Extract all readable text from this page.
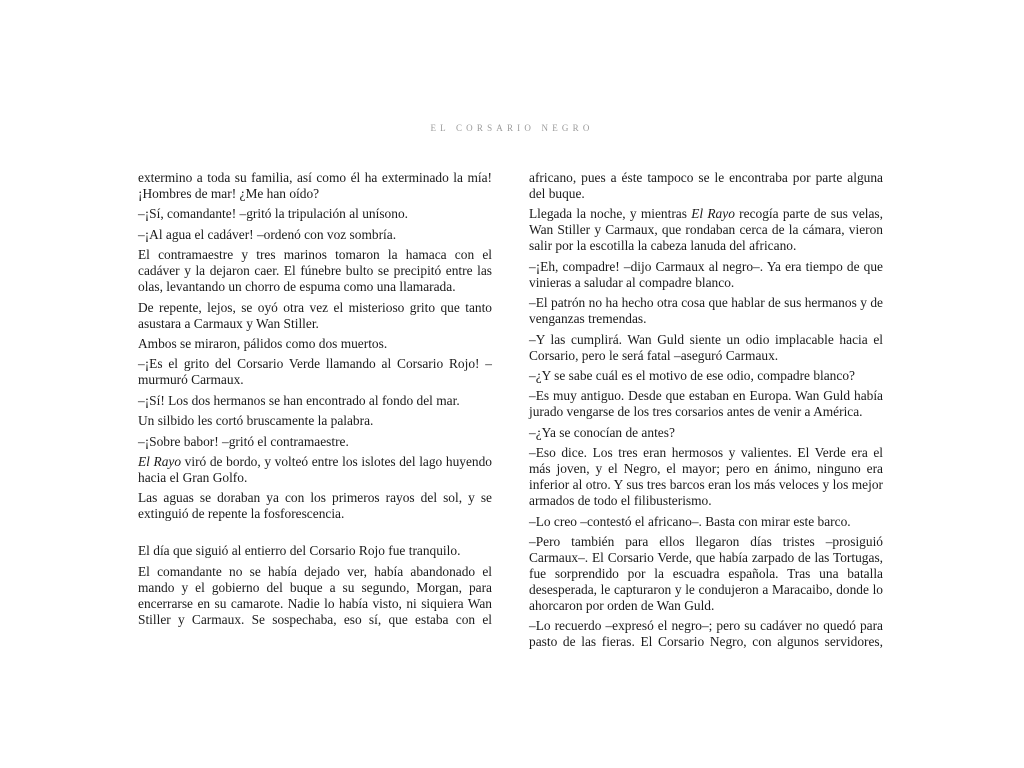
EL CORSARIO NEGRO

extermino a toda su familia, así como él ha exterminado la mía! ¡Hombres de mar! ¿Me han oído?

–¡Sí, comandante! –gritó la tripulación al unísono.

–¡Al agua el cadáver! –ordenó con voz sombría.

El contramaestre y tres marinos tomaron la hamaca con el cadáver y la dejaron caer. El fúnebre bulto se precipitó entre las olas, levantando un chorro de espuma como una llamarada.

De repente, lejos, se oyó otra vez el misterioso grito que tanto asustara a Carmaux y Wan Stiller.

Ambos se miraron, pálidos como dos muertos.

–¡Es el grito del Corsario Verde llamando al Corsario Rojo! –murmuró Carmaux.

–¡Sí! Los dos hermanos se han encontrado al fondo del mar.

Un silbido les cortó bruscamente la palabra.

–¡Sobre babor! –gritó el contramaestre.

El Rayo viró de bordo, y volteó entre los islotes del lago huyendo hacia el Gran Golfo.

Las aguas se doraban ya con los primeros rayos del sol, y se extinguió de repente la fosforescencia.

El día que siguió al entierro del Corsario Rojo fue tranquilo.

El comandante no se había dejado ver, había abandonado el mando y el gobierno del buque a su segundo, Morgan, para encerrarse en su camarote. Nadie lo había visto, ni siquiera Wan Stiller y Carmaux. Se sospechaba, eso sí, que estaba con el

africano, pues a éste tampoco se le encontraba por parte alguna del buque.

Llegada la noche, y mientras El Rayo recogía parte de sus velas, Wan Stiller y Carmaux, que rondaban cerca de la cámara, vieron salir por la escotilla la cabeza lanuda del africano.

–¡Eh, compadre! –dijo Carmaux al negro–. Ya era tiempo de que vinieras a saludar al compadre blanco.

–El patrón no ha hecho otra cosa que hablar de sus hermanos y de venganzas tremendas.

–Y las cumplirá. Wan Guld siente un odio implacable hacia el Corsario, pero le será fatal –aseguró Carmaux.

–¿Y se sabe cuál es el motivo de ese odio, compadre blanco?

–Es muy antiguo. Desde que estaban en Europa. Wan Guld había jurado vengarse de los tres corsarios antes de venir a América.

–¿Ya se conocían de antes?

–Eso dice. Los tres eran hermosos y valientes. El Verde era el más joven, y el Negro, el mayor; pero en ánimo, ninguno era inferior al otro. Y sus tres barcos eran los más veloces y los mejor armados de todo el filibusterismo.

–Lo creo –contestó el africano–. Basta con mirar este barco.

–Pero también para ellos llegaron días tristes –prosiguió Carmaux–. El Corsario Verde, que había zarpado de las Tortugas, fue sorprendido por la escuadra española. Tras una batalla desesperada, le capturaron y le condujeron a Maracaibo, donde lo ahorcaron por orden de Wan Guld.

–Lo recuerdo –expresó el negro–; pero su cadáver no quedó para pasto de las fieras. El Corsario Negro, con algunos servidores,
